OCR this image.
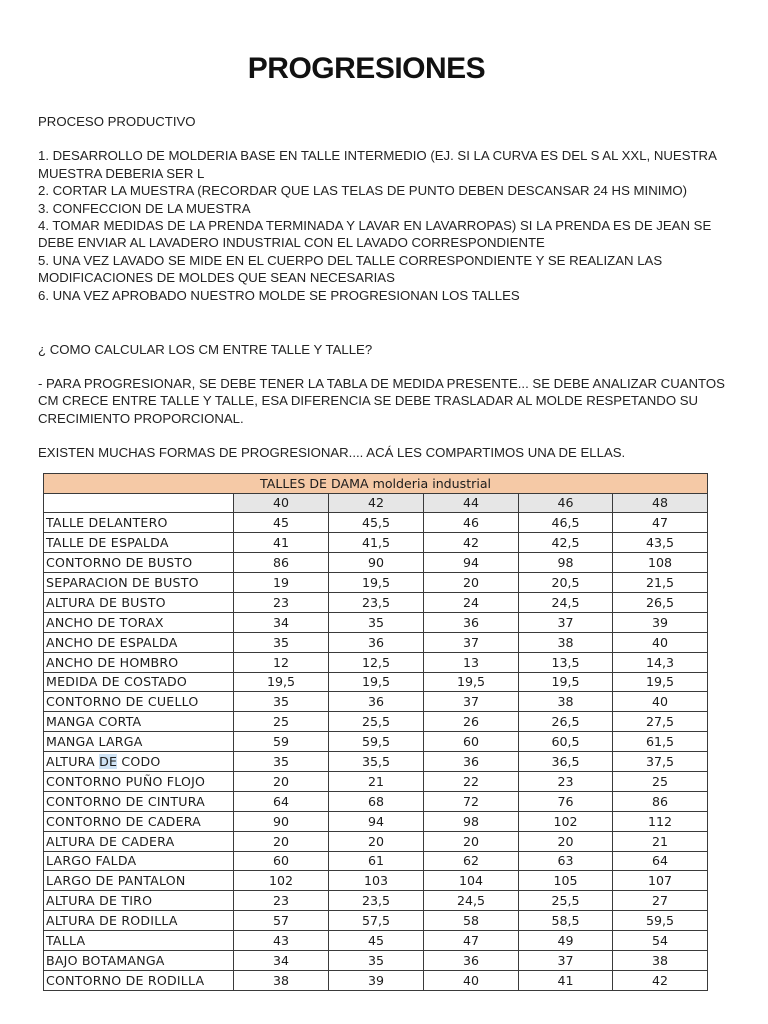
PROGRESIONES

PROCESO PRODUCTIVO

1. DESARROLLO DE MOLDERIA BASE EN TALLE INTERMEDIO (EJ. SI LA CURVA ES DEL S AL XXL, NUESTRA MUESTRA DEBERIA SER L

2. CORTAR LA MUESTRA (RECORDAR QUE LAS TELAS DE PUNTO DEBEN DESCANSAR 24 HS MINIMO)

3. CONFECCION DE LA MUESTRA

4. TOMAR MEDIDAS DE LA PRENDA TERMINADA Y LAVAR EN LAVARROPAS) SI LA PRENDA ES DE JEAN SE DEBE ENVIAR AL LAVADERO INDUSTRIAL CON EL LAVADO CORRESPONDIENTE

5. UNA VEZ LAVADO SE MIDE EN EL CUERPO DEL TALLE CORRESPONDIENTE Y SE REALIZAN LAS MODIFICACIONES DE MOLDES QUE SEAN NECESARIAS

6. UNA VEZ APROBADO NUESTRO MOLDE SE PROGRESIONAN LOS TALLES

¿ COMO CALCULAR LOS CM ENTRE TALLE Y TALLE?
- PARA PROGRESIONAR, SE DEBE TENER LA TABLA DE MEDIDA PRESENTE... SE DEBE ANALIZAR CUANTOS CM CRECE ENTRE TALLE Y TALLE, ESA DIFERENCIA SE DEBE TRASLADAR AL MOLDE RESPETANDO SU CRECIMIENTO PROPORCIONAL.
EXISTEN MUCHAS FORMAS DE PROGRESIONAR.... ACÁ LES COMPARTIMOS UNA DE ELLAS.
TALLES DE DAMA molderia industrial					
	40	42	44	46	48
TALLE DELANTERO	45	45,5	46	46,5	47
TALLE DE ESPALDA	41	41,5	42	42,5	43,5
CONTORNO DE BUSTO	86	90	94	98	108
SEPARACION DE BUSTO	19	19,5	20	20,5	21,5
ALTURA DE BUSTO	23	23,5	24	24,5	26,5
ANCHO DE TORAX	34	35	36	37	39
ANCHO DE ESPALDA	35	36	37	38	40
ANCHO DE HOMBRO	12	12,5	13	13,5	14,3
MEDIDA DE COSTADO	19,5	19,5	19,5	19,5	19,5
CONTORNO DE CUELLO	35	36	37	38	40
MANGA CORTA	25	25,5	26	26,5	27,5
MANGA LARGA	59	59,5	60	60,5	61,5
ALTURA DE CODO	35	35,5	36	36,5	37,5
CONTORNO PUÑO FLOJO	20	21	22	23	25
CONTORNO DE CINTURA	64	68	72	76	86
CONTORNO DE CADERA	90	94	98	102	112
ALTURA DE CADERA	20	20	20	20	21
LARGO FALDA	60	61	62	63	64
LARGO DE PANTALON	102	103	104	105	107
ALTURA DE TIRO	23	23,5	24,5	25,5	27
ALTURA DE RODILLA	57	57,5	58	58,5	59,5
TALLA	43	45	47	49	54
BAJO BOTAMANGA	34	35	36	37	38
CONTORNO DE RODILLA	38	39	40	41	42
